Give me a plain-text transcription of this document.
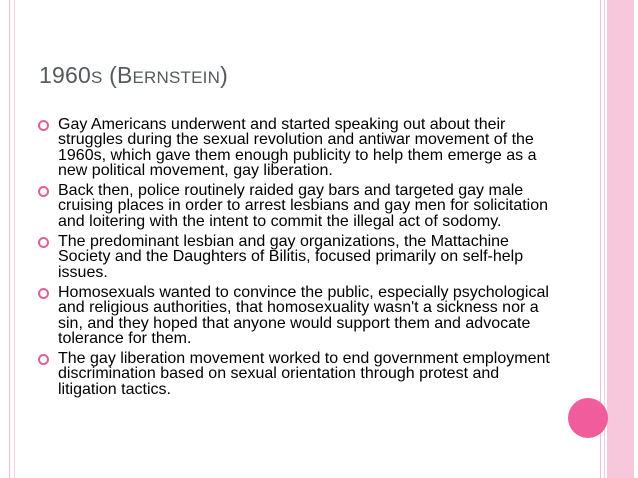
1960S (BERNSTEIN)
Gay Americans underwent and started speaking out about their struggles during the sexual revolution and antiwar movement of the 1960s, which gave them enough publicity to help them emerge as a new political movement, gay liberation.
Back then, police routinely raided gay bars and targeted gay male cruising places in order to arrest lesbians and gay men for solicitation and loitering with the intent to commit the illegal act of sodomy.
The predominant lesbian and gay organizations, the Mattachine Society and the Daughters of Bilitis, focused primarily on self-help issues.
Homosexuals wanted to convince the public, especially psychological and religious authorities, that homosexuality wasn't a sickness nor a sin, and they hoped that anyone would support them and advocate tolerance for them.
The gay liberation movement worked to end government employment discrimination based on sexual orientation through protest and litigation tactics.
